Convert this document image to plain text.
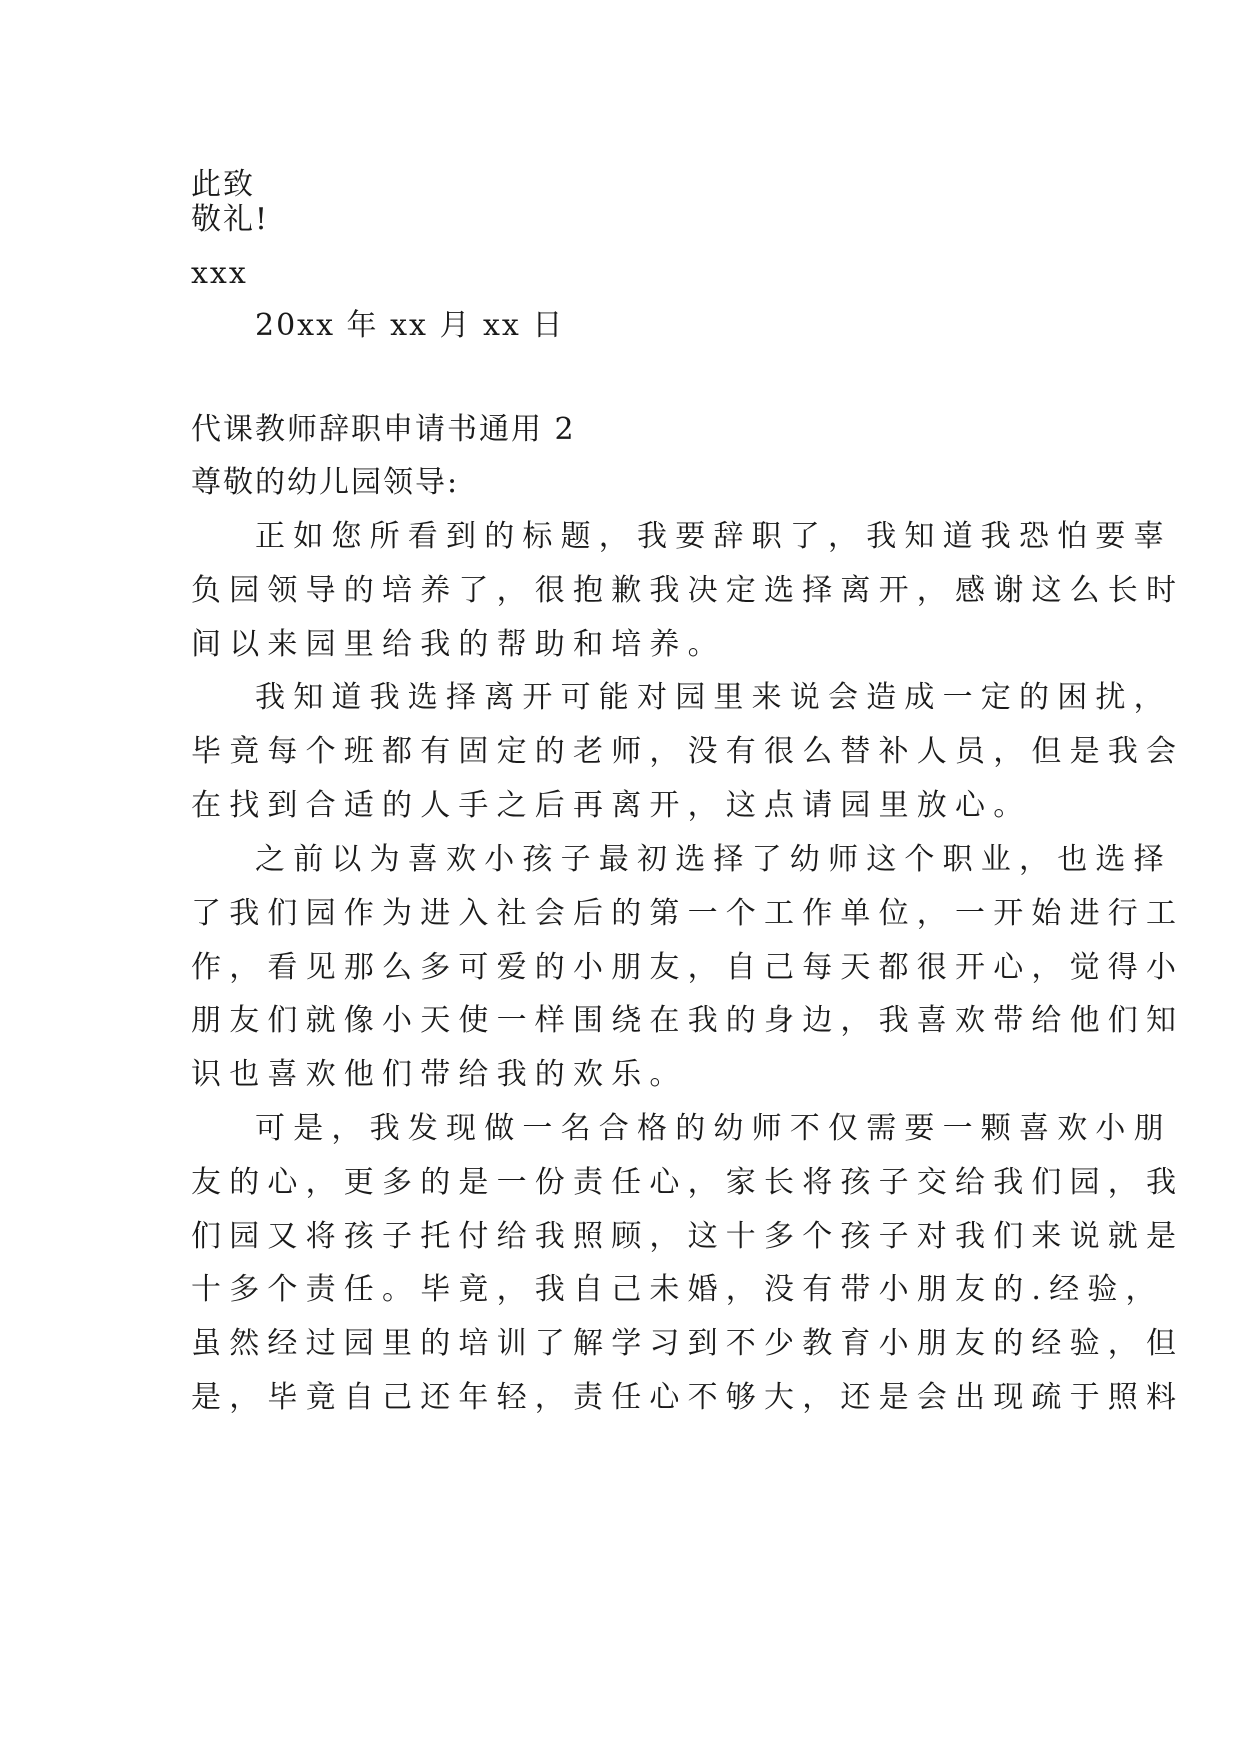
此致
敬礼!
xxx
20xx 年 xx 月 xx 日
代课教师辞职申请书通用 2
尊敬的幼儿园领导:
正如您所看到的标题，我要辞职了，我知道我恐怕要辜
负园领导的培养了，很抱歉我决定选择离开，感谢这么长时
间以来园里给我的帮助和培养。
我知道我选择离开可能对园里来说会造成一定的困扰，
毕竟每个班都有固定的老师，没有很么替补人员，但是我会
在找到合适的人手之后再离开，这点请园里放心。
之前以为喜欢小孩子最初选择了幼师这个职业，也选择
了我们园作为进入社会后的第一个工作单位，一开始进行工
作，看见那么多可爱的小朋友，自己每天都很开心，觉得小
朋友们就像小天使一样围绕在我的身边，我喜欢带给他们知
识也喜欢他们带给我的欢乐。
可是，我发现做一名合格的幼师不仅需要一颗喜欢小朋
友的心，更多的是一份责任心，家长将孩子交给我们园，我
们园又将孩子托付给我照顾，这十多个孩子对我们来说就是
十多个责任。毕竟，我自己未婚，没有带小朋友的.经验，
虽然经过园里的培训了解学习到不少教育小朋友的经验，但
是，毕竟自己还年轻，责任心不够大，还是会出现疏于照料
